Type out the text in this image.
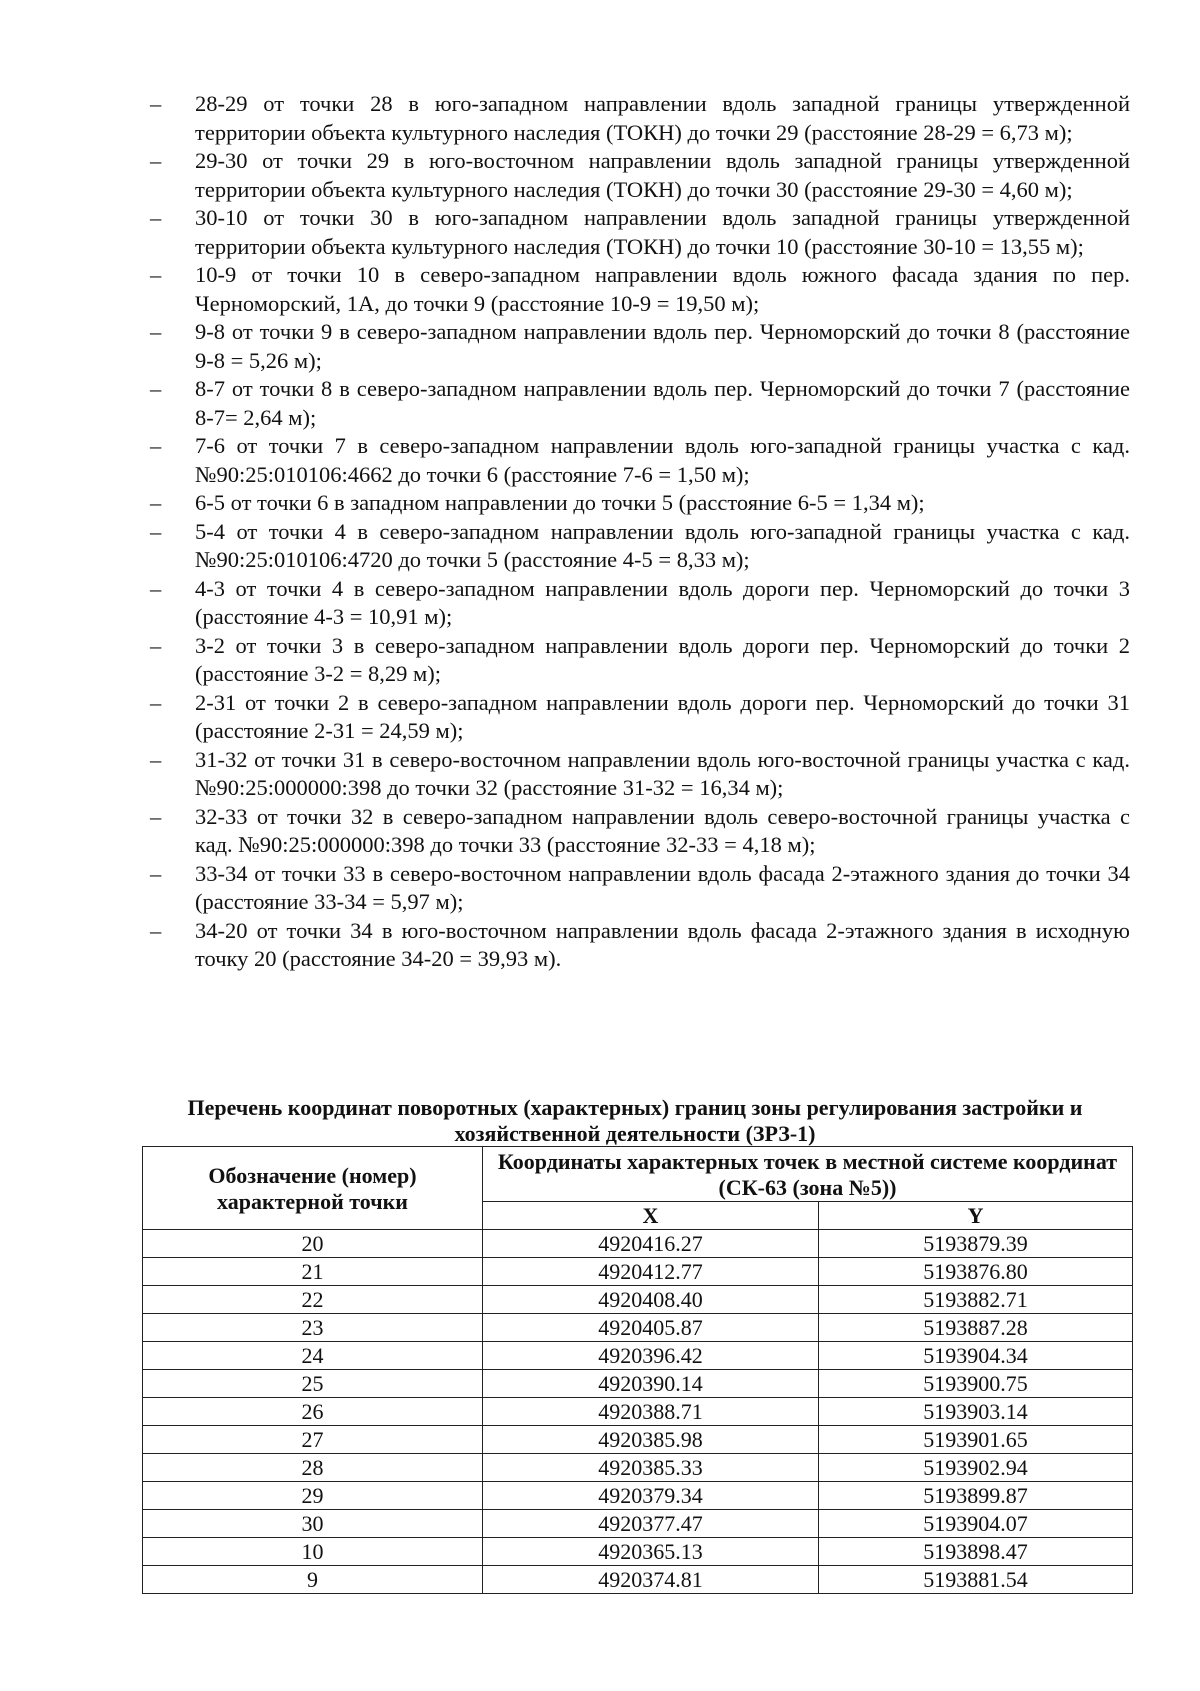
–	28-29 от точки 28 в юго-западном направлении вдоль западной границы утвержденной территории объекта культурного наследия (ТОКН) до точки 29 (расстояние 28-29 = 6,73 м);
–	29-30 от точки 29 в юго-восточном направлении вдоль западной границы утвержденной территории объекта культурного наследия (ТОКН) до точки 30 (расстояние 29-30 = 4,60 м);
–	30-10 от точки 30 в юго-западном направлении вдоль западной границы утвержденной территории объекта культурного наследия (ТОКН) до точки 10 (расстояние 30-10 = 13,55 м);
–	10-9 от точки 10 в северо-западном направлении вдоль южного фасада здания по пер. Черноморский, 1А, до точки 9 (расстояние 10-9 = 19,50 м);
–	9-8 от точки 9 в северо-западном направлении вдоль пер. Черноморский до точки 8 (расстояние 9-8 = 5,26 м);
–	8-7 от точки 8 в северо-западном направлении вдоль пер. Черноморский до точки 7 (расстояние 8-7= 2,64 м);
–	7-6 от точки 7 в северо-западном направлении вдоль юго-западной границы участка с кад. №90:25:010106:4662 до точки 6 (расстояние 7-6 = 1,50 м);
–	6-5 от точки 6 в западном направлении до точки 5 (расстояние 6-5 = 1,34 м);
–	5-4 от точки 4 в северо-западном направлении вдоль юго-западной границы участка с кад. №90:25:010106:4720 до точки 5 (расстояние 4-5 = 8,33 м);
–	4-3 от точки 4 в северо-западном направлении вдоль дороги пер. Черноморский до точки 3 (расстояние 4-3 = 10,91 м);
–	3-2 от точки 3 в северо-западном направлении вдоль дороги пер. Черноморский до точки 2 (расстояние 3-2 = 8,29 м);
–	2-31 от точки 2 в северо-западном направлении вдоль дороги пер. Черноморский до точки 31 (расстояние 2-31 = 24,59 м);
–	31-32 от точки 31 в северо-восточном направлении вдоль юго-восточной границы участка с кад. №90:25:000000:398 до точки 32 (расстояние 31-32 = 16,34 м);
–	32-33 от точки 32 в северо-западном направлении вдоль северо-восточной границы участка с кад. №90:25:000000:398 до точки 33 (расстояние 32-33 = 4,18 м);
–	33-34 от точки 33 в северо-восточном направлении вдоль фасада 2-этажного здания до точки 34 (расстояние 33-34 = 5,97 м);
–	34-20 от точки 34 в юго-восточном направлении вдоль фасада 2-этажного здания в исходную точку 20 (расстояние 34-20 = 39,93 м).
Перечень координат поворотных (характерных) границ зоны регулирования застройки и хозяйственной деятельности (ЗРЗ-1)
Обозначение (номер) характерной точки	Координаты характерных точек в местной системе координат (СК-63 (зона №5))	
	X	Y
20	4920416.27	5193879.39
21	4920412.77	5193876.80
22	4920408.40	5193882.71
23	4920405.87	5193887.28
24	4920396.42	5193904.34
25	4920390.14	5193900.75
26	4920388.71	5193903.14
27	4920385.98	5193901.65
28	4920385.33	5193902.94
29	4920379.34	5193899.87
30	4920377.47	5193904.07
10	4920365.13	5193898.47
9	4920374.81	5193881.54
